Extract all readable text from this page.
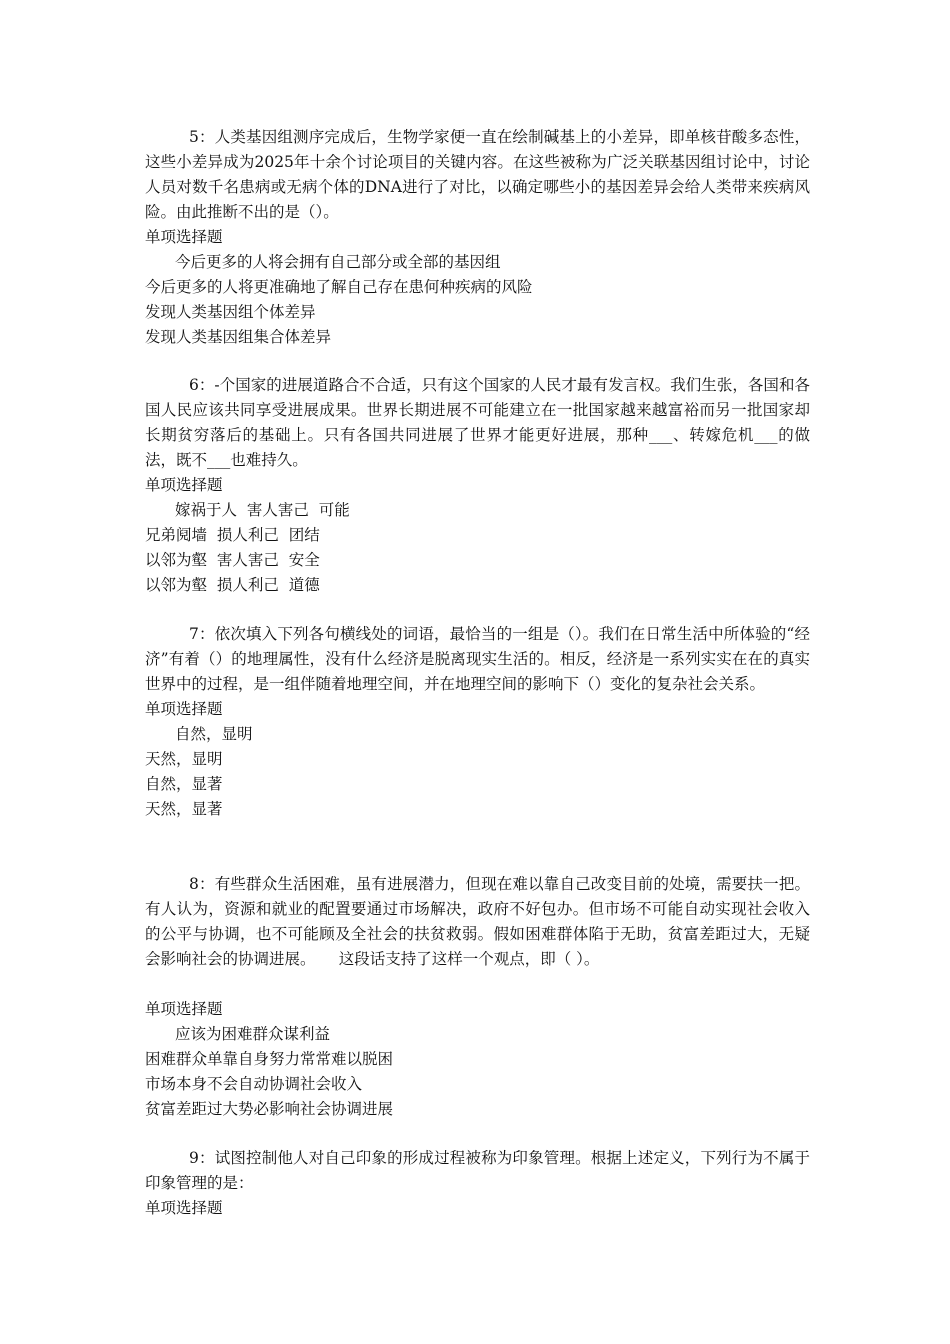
5：人类基因组测序完成后，生物学家便一直在绘制碱基上的小差异，即单核苷酸多态性，这些小差异成为2025年十余个讨论项目的关键内容。在这些被称为广泛关联基因组讨论中，讨论人员对数千名患病或无病个体的DNA进行了对比，以确定哪些小的基因差异会给人类带来疾病风险。由此推断不出的是（）。

单项选择题

今后更多的人将会拥有自己部分或全部的基因组

今后更多的人将更准确地了解自己存在患何种疾病的风险

发现人类基因组个体差异

发现人类基因组集合体差异

6：-个国家的进展道路合不合适，只有这个国家的人民才最有发言权。我们生张，各国和各国人民应该共同享受进展成果。世界长期进展不可能建立在一批国家越来越富裕而另一批国家却长期贫穷落后的基础上。只有各国共同进展了世界才能更好进展，那种___、转嫁危机___的做法，既不___也难持久。

单项选择题

嫁祸于人  害人害己  可能

兄弟阋墙  损人利己  团结

以邻为壑  害人害己  安全

以邻为壑  损人利己  道德

7：依次填入下列各句横线处的词语，最恰当的一组是（）。我们在日常生活中所体验的“经济”有着（）的地理属性，没有什么经济是脱离现实生活的。相反，经济是一系列实实在在的真实世界中的过程，是一组伴随着地理空间，并在地理空间的影响下（）变化的复杂社会关系。

单项选择题

自然，显明

天然，显明

自然，显著

天然，显著

8：有些群众生活困难，虽有进展潜力，但现在难以靠自己改变目前的处境，需要扶一把。有人认为，资源和就业的配置要通过市场解决，政府不好包办。但市场不可能自动实现社会收入的公平与协调，也不可能顾及全社会的扶贫救弱。假如困难群体陷于无助，贫富差距过大，无疑会影响社会的协调进展。　　这段话支持了这样一个观点，即（ ）。

单项选择题

应该为困难群众谋利益

困难群众单靠自身努力常常难以脱困

市场本身不会自动协调社会收入

贫富差距过大势必影响社会协调进展

9：试图控制他人对自己印象的形成过程被称为印象管理。根据上述定义，下列行为不属于印象管理的是：

单项选择题
